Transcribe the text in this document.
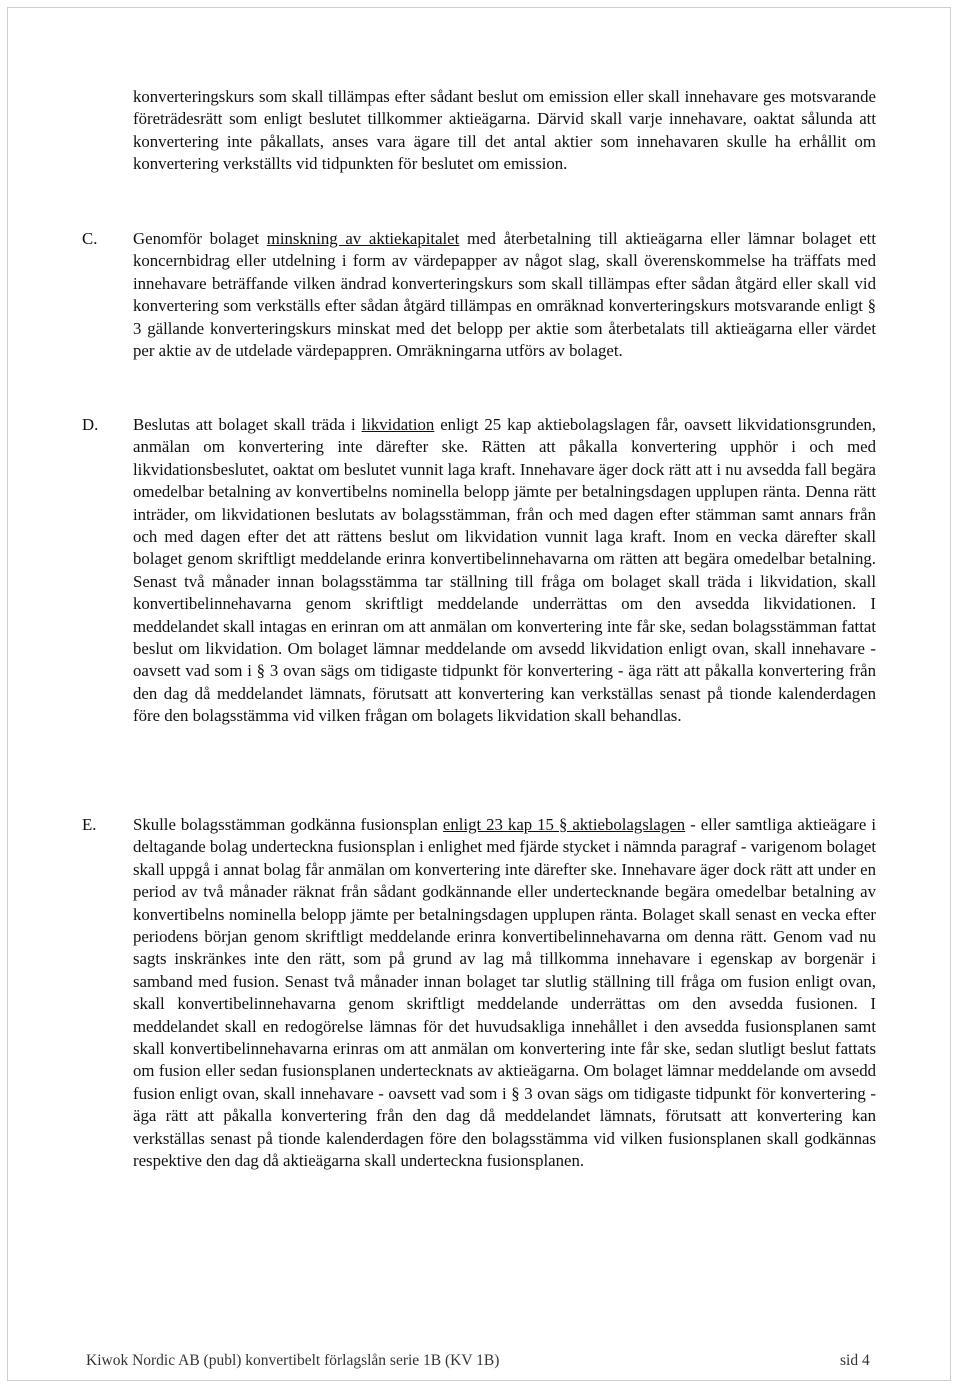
konverteringskurs som skall tillämpas efter sådant beslut om emission eller skall innehavare ges motsvarande företrädesrätt som enligt beslutet tillkommer aktieägarna. Därvid skall varje innehavare, oaktat sålunda att konvertering inte påkallats, anses vara ägare till det antal aktier som innehavaren skulle ha erhållit om konvertering verkställts vid tidpunkten för beslutet om emission.

C. Genomför bolaget minskning av aktiekapitalet med återbetalning till aktieägarna eller lämnar bolaget ett koncernbidrag eller utdelning i form av värdepapper av något slag, skall överenskommelse ha träffats med innehavare beträffande vilken ändrad konverteringskurs som skall tillämpas efter sådan åtgärd eller skall vid konvertering som verkställs efter sådan åtgärd tillämpas en omräknad konverteringskurs motsvarande enligt § 3 gällande konverteringskurs minskat med det belopp per aktie som återbetalats till aktieägarna eller värdet per aktie av de utdelade värdepappren. Omräkningarna utförs av bolaget.

D. Beslutas att bolaget skall träda i likvidation enligt 25 kap aktiebolagslagen får, oavsett likvidationsgrunden, anmälan om konvertering inte därefter ske. Rätten att påkalla konvertering upphör i och med likvidationsbeslutet, oaktat om beslutet vunnit laga kraft. Innehavare äger dock rätt att i nu avsedda fall begära omedelbar betalning av konvertibelns nominella belopp jämte per betalningsdagen upplupen ränta. Denna rätt inträder, om likvidationen beslutats av bolagsstämman, från och med dagen efter stämman samt annars från och med dagen efter det att rättens beslut om likvidation vunnit laga kraft. Inom en vecka därefter skall bolaget genom skriftligt meddelande erinra konvertibelinnehavarna om rätten att begära omedelbar betalning. Senast två månader innan bolagsstämma tar ställning till fråga om bolaget skall träda i likvidation, skall konvertibelinnehavarna genom skriftligt meddelande underrättas om den avsedda likvidationen. I meddelandet skall intagas en erinran om att anmälan om konvertering inte får ske, sedan bolagsstämman fattat beslut om likvidation. Om bolaget lämnar meddelande om avsedd likvidation enligt ovan, skall innehavare - oavsett vad som i § 3 ovan sägs om tidigaste tidpunkt för konvertering - äga rätt att påkalla konvertering från den dag då meddelandet lämnats, förutsatt att konvertering kan verkställas senast på tionde kalenderdagen före den bolagsstämma vid vilken frågan om bolagets likvidation skall behandlas.

E. Skulle bolagsstämman godkänna fusionsplan enligt 23 kap 15 § aktiebolagslagen - eller samtliga aktieägare i deltagande bolag underteckna fusionsplan i enlighet med fjärde stycket i nämnda paragraf - varigenom bolaget skall uppgå i annat bolag får anmälan om konvertering inte därefter ske. Innehavare äger dock rätt att under en period av två månader räknat från sådant godkännande eller undertecknande begära omedelbar betalning av konvertibelns nominella belopp jämte per betalningsdagen upplupen ränta. Bolaget skall senast en vecka efter periodens början genom skriftligt meddelande erinra konvertibelinnehavarna om denna rätt. Genom vad nu sagts inskränkes inte den rätt, som på grund av lag må tillkomma innehavare i egenskap av borgenär i samband med fusion. Senast två månader innan bolaget tar slutlig ställning till fråga om fusion enligt ovan, skall konvertibelinnehavarna genom skriftligt meddelande underrättas om den avsedda fusionen. I meddelandet skall en redogörelse lämnas för det huvudsakliga innehållet i den avsedda fusionsplanen samt skall konvertibelinnehavarna erinras om att anmälan om konvertering inte får ske, sedan slutligt beslut fattats om fusion eller sedan fusionsplanen undertecknats av aktieägarna. Om bolaget lämnar meddelande om avsedd fusion enligt ovan, skall innehavare - oavsett vad som i § 3 ovan sägs om tidigaste tidpunkt för konvertering - äga rätt att påkalla konvertering från den dag då meddelandet lämnats, förutsatt att konvertering kan verkställas senast på tionde kalenderdagen före den bolagsstämma vid vilken fusionsplanen skall godkännas respektive den dag då aktieägarna skall underteckna fusionsplanen.

Kiwok Nordic AB (publ) konvertibelt förlagslån serie 1B (KV 1B)	sid 4
